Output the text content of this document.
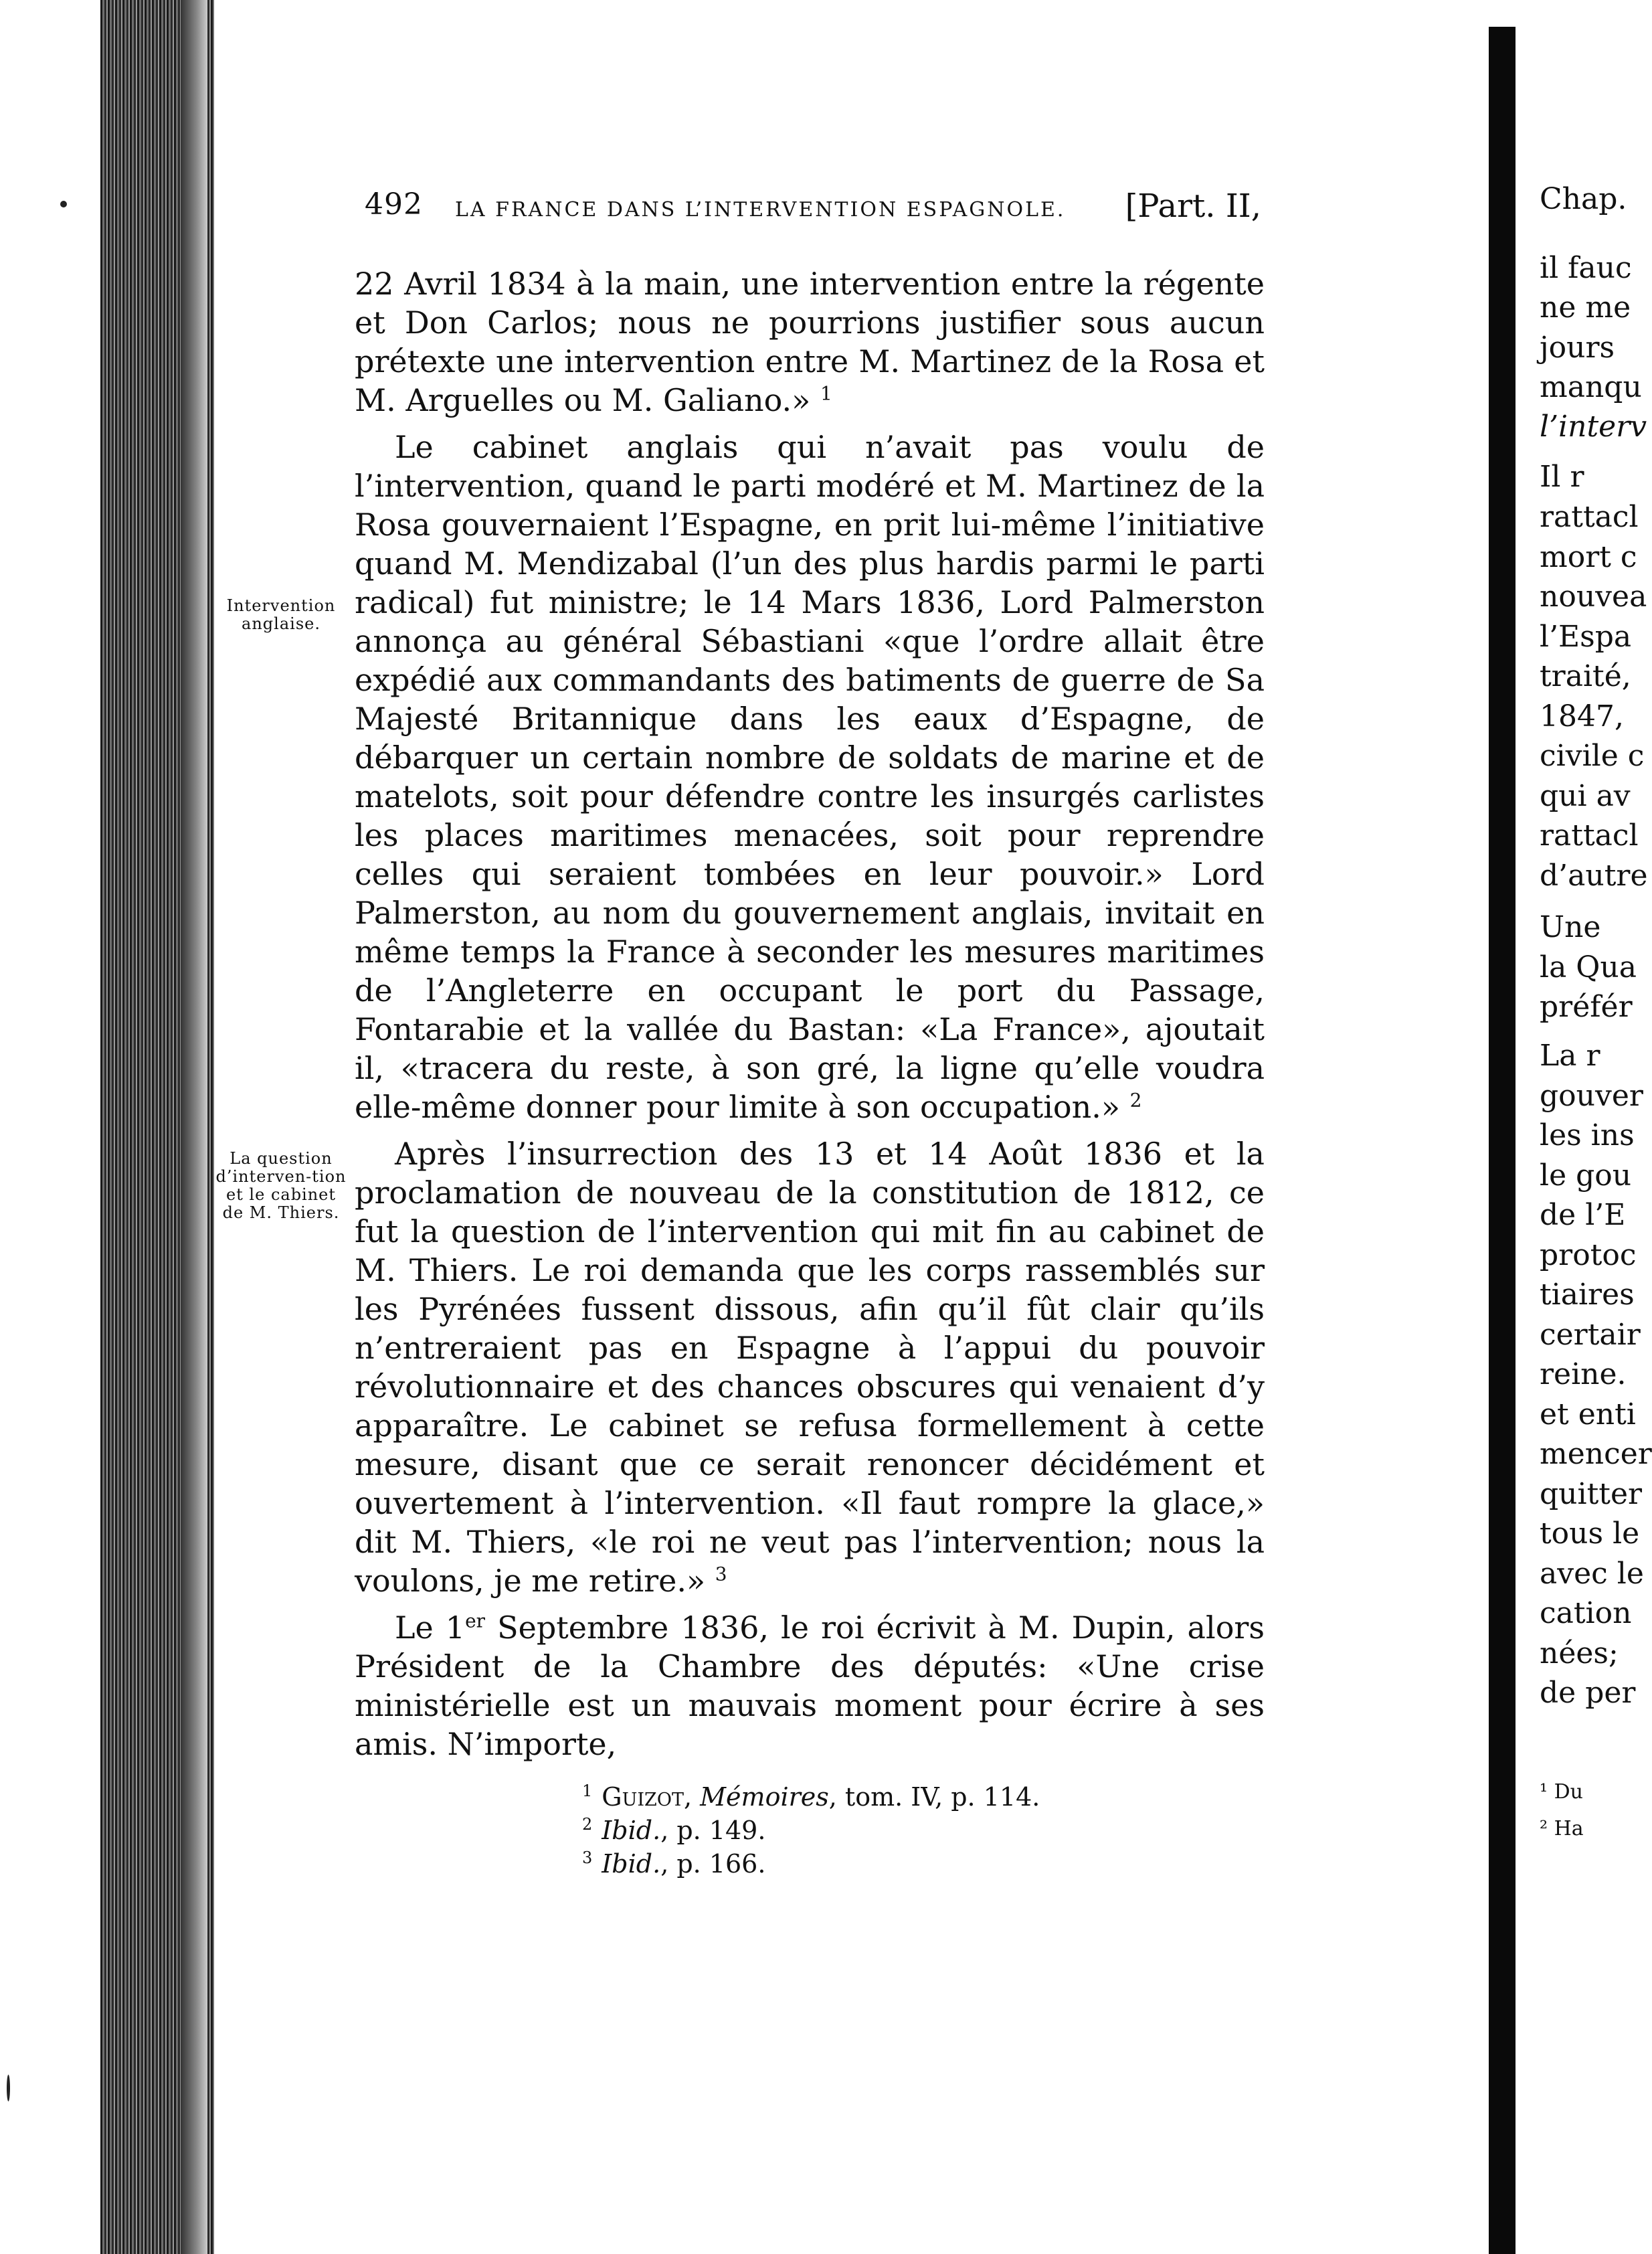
492 LA FRANCE DANS L’INTERVENTION ESPAGNOLE. [Part. II,
Intervention anglaise.
La question d’interven-tion et le cabinet de M. Thiers.

22 Avril 1834 à la main, une intervention entre la régente et Don Carlos; nous ne pourrions justifier sous aucun prétexte une intervention entre M. Martinez de la Rosa et M. Arguelles ou M. Galiano.» $^1$

Le cabinet anglais qui n’avait pas voulu de l’intervention, quand le parti modéré et M. Martinez de la Rosa gouvernaient l’Espagne, en prit lui-même l’initiative quand M. Mendizabal (l’un des plus hardis parmi le parti radical) fut ministre; le 14 Mars 1836, Lord Palmerston annonça au général Sébastiani «que l’ordre allait être expédié aux commandants des batiments de guerre de Sa Majesté Britannique dans les eaux d’Espagne, de débarquer un certain nombre de soldats de marine et de matelots, soit pour défendre contre les insurgés carlistes les places maritimes menacées, soit pour reprendre celles qui seraient tombées en leur pouvoir.» Lord Palmerston, au nom du gouvernement anglais, invitait en même temps la France à seconder les mesures maritimes de l’Angleterre en occupant le port du Passage, Fontarabie et la vallée du Bastan: «La France», ajoutait il, «tracera du reste, à son gré, la ligne qu’elle voudra elle-même donner pour limite à son occupation.» $^2$

Après l’insurrection des 13 et 14 Août 1836 et la proclamation de nouveau de la constitution de 1812, ce fut la question de l’intervention qui mit fin au cabinet de M. Thiers. Le roi demanda que les corps rassemblés sur les Pyrénées fussent dissous, afin qu’il fût clair qu’ils n’entreraient pas en Espagne à l’appui du pouvoir révolutionnaire et des chances obscures qui venaient d’y apparaître. Le cabinet se refusa formellement à cette mesure, disant que ce serait renoncer décidément et ouvertement à l’intervention. «Il faut rompre la glace,» dit M. Thiers, «le roi ne veut pas l’intervention; nous la voulons, je me retire.» $^3$

Le 1er Septembre 1836, le roi écrivit à M. Dupin, alors Président de la Chambre des députés: «Une crise ministérielle est un mauvais moment pour écrire à ses amis. N’importe,

$^1$ Guizot, Mémoires, tom. IV, p. 114.
$^2$ Ibid., p. 149.
$^3$ Ibid., p. 166.
Chap.
il fauc
ne me
jours
manqu
l’interv
Il r
rattacl
mort c
nouvea
l’Espa
traité,
1847,
civile c
qui av
rattacl
d’autre
Une
la Qua
préfér
La r
gouver
les ins
le gou
de l’E
protoc
tiaires
certair
reine.
et enti
mencer
quitter
tous le
avec le
cation
nées;
de per
¹ Du
² Ha
